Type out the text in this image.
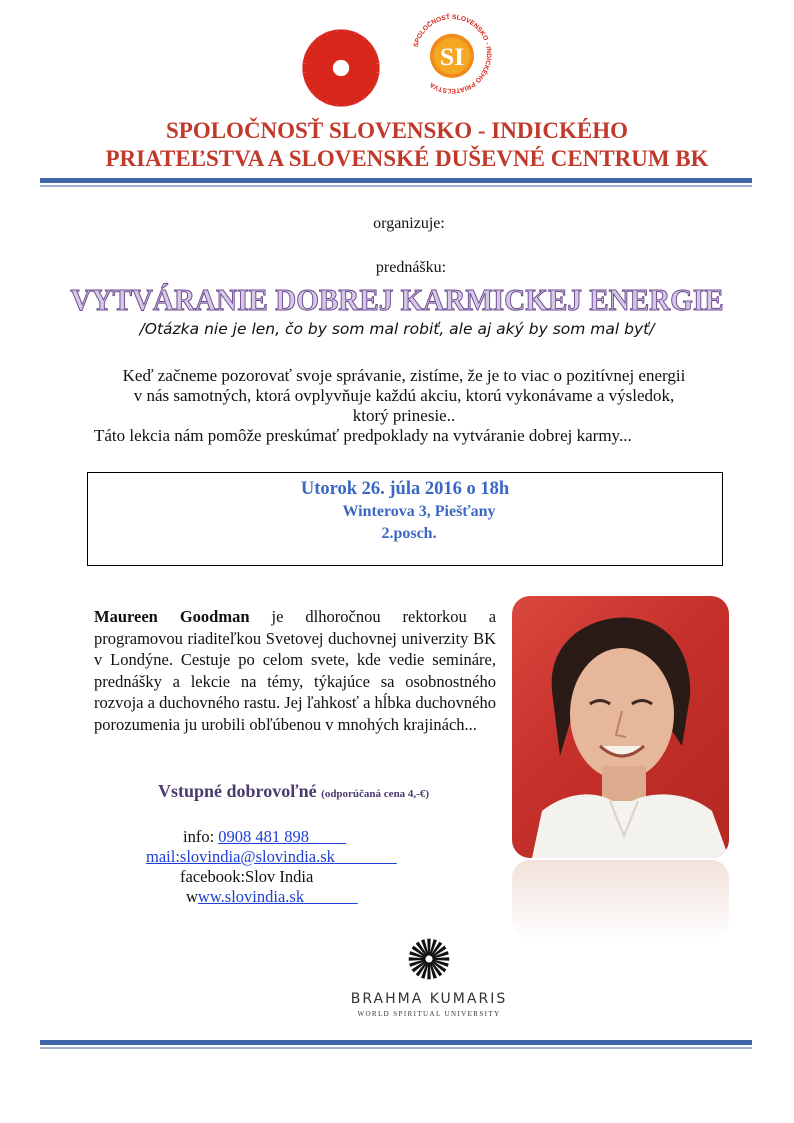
SI
SPOLOČNOSŤ SLOVENSKO - INDICKÉHO PRIATEĽSTVA
SPOLOČNOSŤ SLOVENSKO - INDICKÉHO
PRIATEĽSTVA A SLOVENSKÉ DUŠEVNÉ CENTRUM BK
organizuje:
prednášku:
VYTVÁRANIE DOBREJ KARMICKEJ ENERGIE
/Otázka nie je len, čo by som mal robiť, ale aj aký by som mal byť/

Keď začneme pozorovať svoje správanie, zistíme, že je to viac o pozitívnej energii

v nás samotných, ktorá ovplyvňuje každú akciu, ktorú vykonávame a výsledok,

ktorý prinesie..

Táto lekcia nám pomôže preskúmať predpoklady na vytváranie dobrej karmy...

Utorok 26. júla 2016 o 18h
Winterova 3, Piešťany
2.posch.
Maureen Goodman je dlhoročnou rektorkou a programovou riaditeľkou Svetovej duchovnej univerzity BK v Londýne. Cestuje po celom svete, kde vedie semináre, prednášky a lekcie na témy, týkajúce sa osobnostného rozvoja a duchovného rastu. Jej ľahkosť a hĺbka duchovného porozumenia ju urobili obľúbenou v mnohých krajinách...
Vstupné dobrovoľné (odporúčaná cena 4,-€)
info: 0908 481 898
mail:slovindia@slovindia.sk
facebook:Slov India
www.slovindia.sk
BRAHMA KUMARIS
WORLD SPIRITUAL UNIVERSITY
